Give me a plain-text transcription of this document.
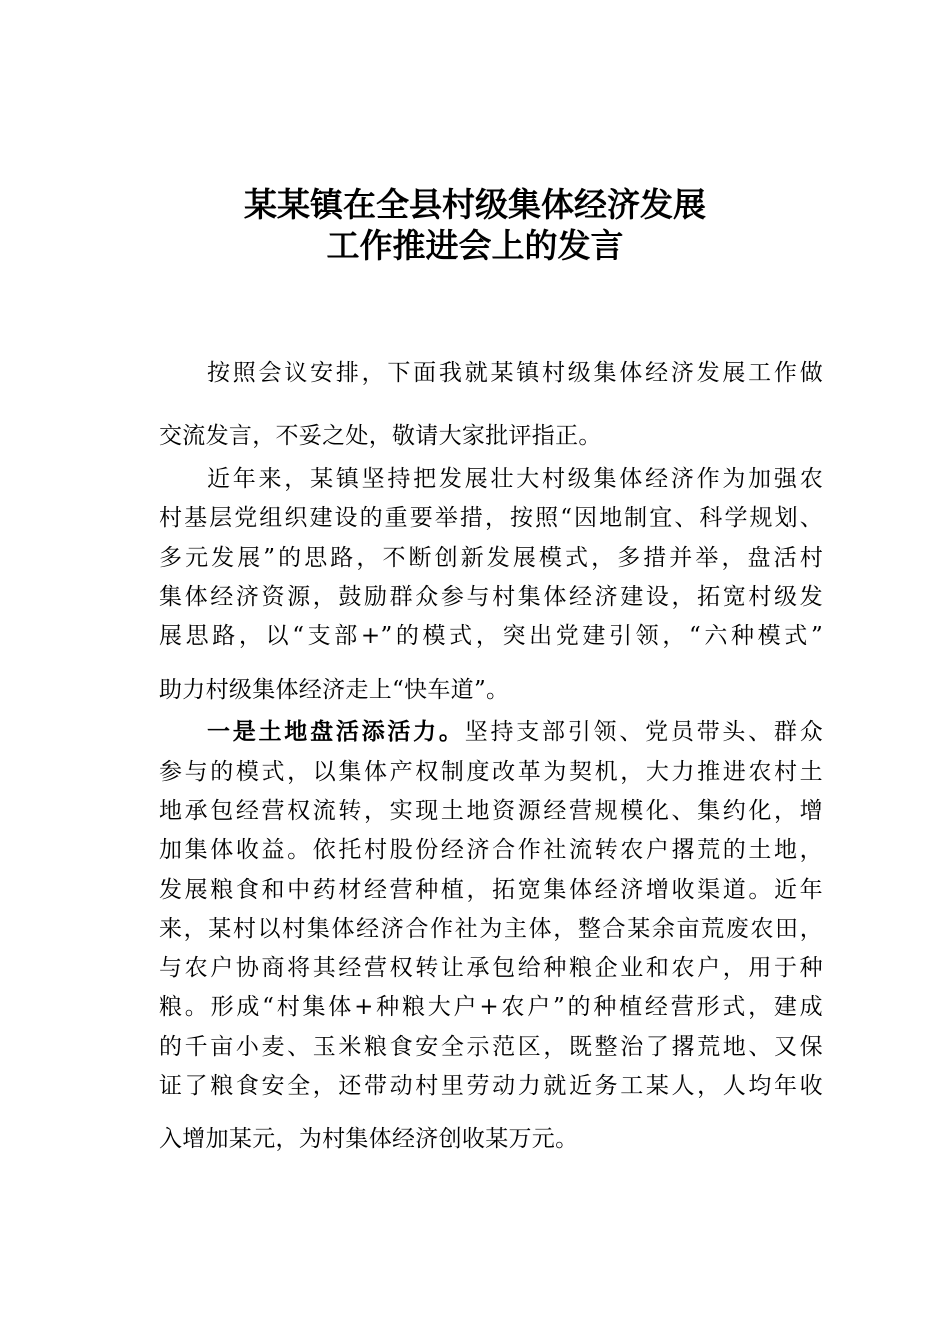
某某镇在全县村级集体经济发展
工作推进会上的发言
按照会议安排，下面我就某镇村级集体经济发展工作做
交流发言，不妥之处，敬请大家批评指正。
近年来，某镇坚持把发展壮大村级集体经济作为加强农
村基层党组织建设的重要举措，按照“因地制宜、科学规划、
多元发展”的思路，不断创新发展模式，多措并举，盘活村
集体经济资源，鼓励群众参与村集体经济建设，拓宽村级发
展思路，以“支部+”的模式，突出党建引领，“六种模式”
助力村级集体经济走上“快车道”。
一是土地盘活添活力。坚持支部引领、党员带头、群众
参与的模式，以集体产权制度改革为契机，大力推进农村土
地承包经营权流转，实现土地资源经营规模化、集约化，增
加集体收益。依托村股份经济合作社流转农户撂荒的土地，
发展粮食和中药材经营种植，拓宽集体经济增收渠道。近年
来，某村以村集体经济合作社为主体，整合某余亩荒废农田，
与农户协商将其经营权转让承包给种粮企业和农户，用于种
粮。形成“村集体+种粮大户+农户”的种植经营形式，建成
的千亩小麦、玉米粮食安全示范区，既整治了撂荒地、又保
证了粮食安全，还带动村里劳动力就近务工某人，人均年收
入增加某元，为村集体经济创收某万元。
